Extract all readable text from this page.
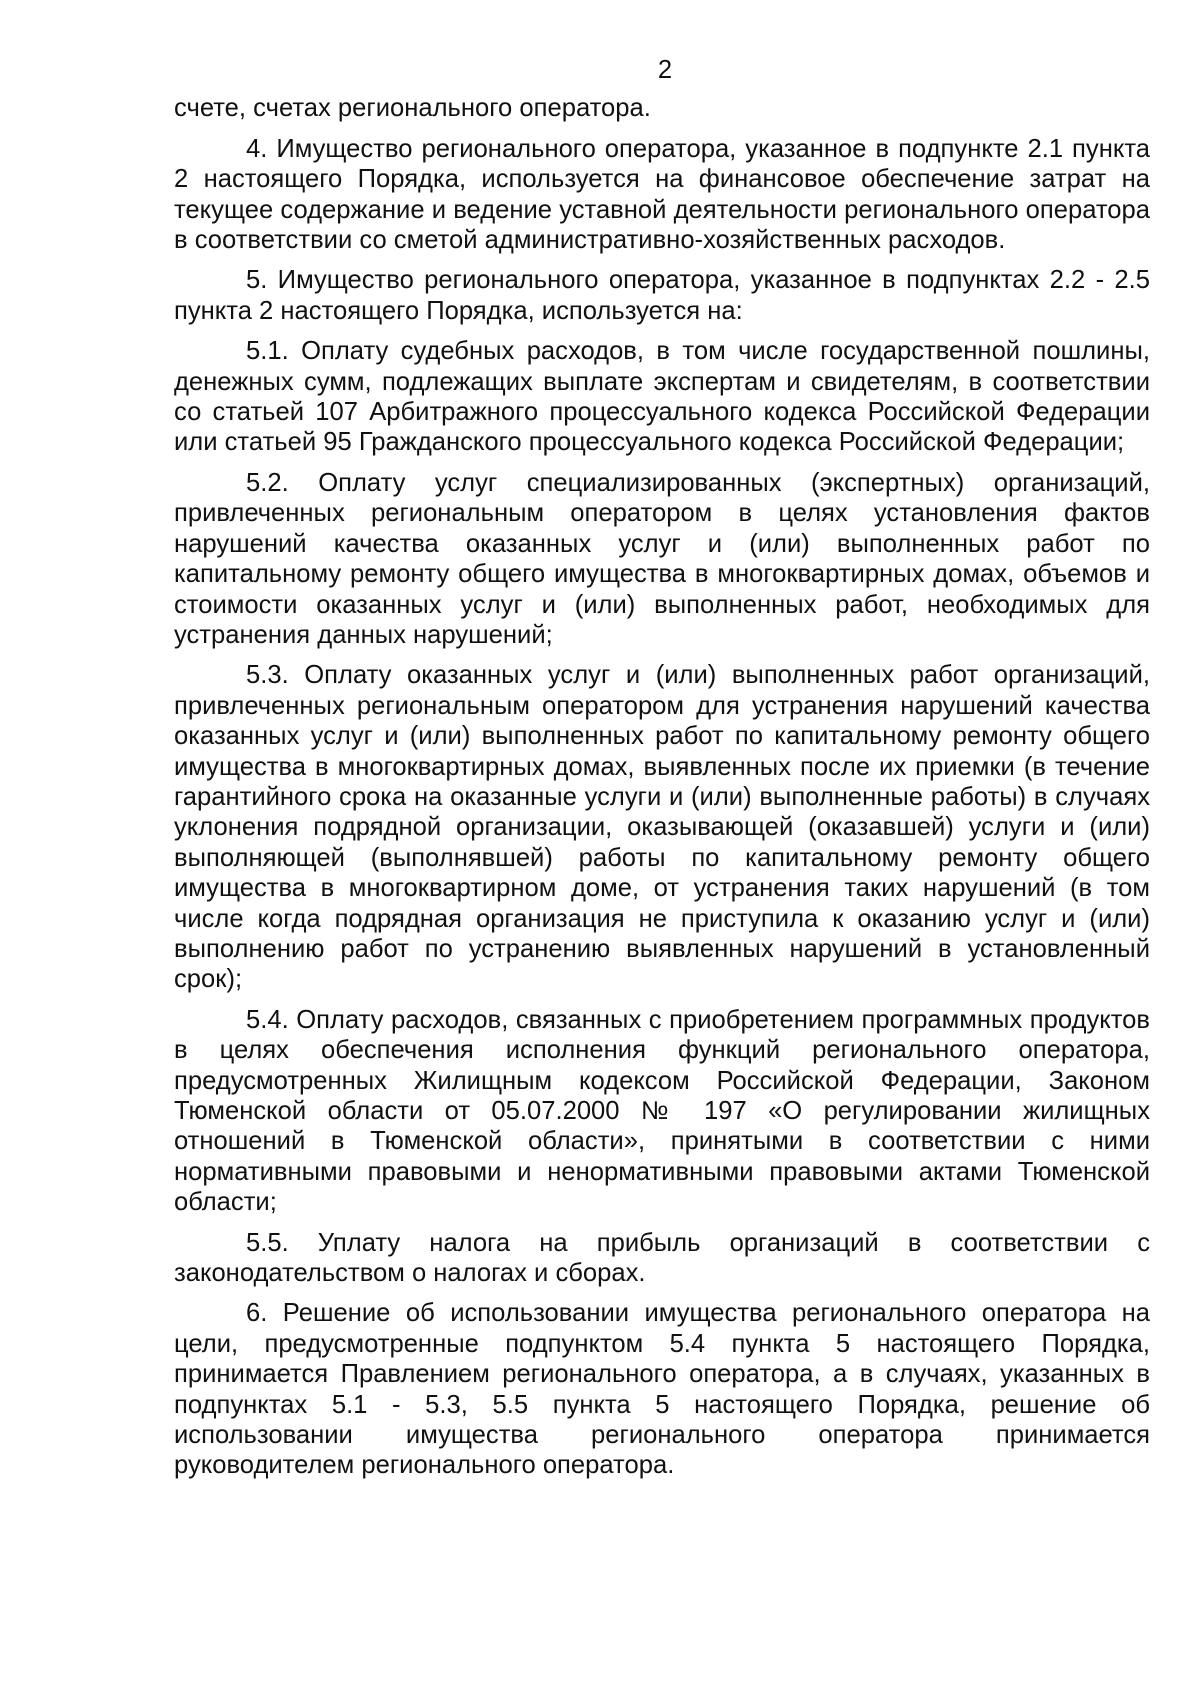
2

счете, счетах регионального оператора.

4. Имущество регионального оператора, указанное в подпункте 2.1 пункта 2 настоящего Порядка, используется на финансовое обеспечение затрат на текущее содержание и ведение уставной деятельности регионального оператора в соответствии со сметой административно-хозяйственных расходов.

5. Имущество регионального оператора, указанное в подпунктах 2.2 - 2.5 пункта 2 настоящего Порядка, используется на:

5.1. Оплату судебных расходов, в том числе государственной пошлины, денежных сумм, подлежащих выплате экспертам и свидетелям, в соответствии со статьей 107 Арбитражного процессуального кодекса Российской Федерации или статьей 95 Гражданского процессуального кодекса Российской Федерации;

5.2. Оплату услуг специализированных (экспертных) организаций, привлеченных региональным оператором в целях установления фактов нарушений качества оказанных услуг и (или) выполненных работ по капитальному ремонту общего имущества в многоквартирных домах, объемов и стоимости оказанных услуг и (или) выполненных работ, необходимых для устранения данных нарушений;

5.3. Оплату оказанных услуг и (или) выполненных работ организаций, привлеченных региональным оператором для устранения нарушений качества оказанных услуг и (или) выполненных работ по капитальному ремонту общего имущества в многоквартирных домах, выявленных после их приемки (в течение гарантийного срока на оказанные услуги и (или) выполненные работы) в случаях уклонения подрядной организации, оказывающей (оказавшей) услуги и (или) выполняющей (выполнявшей) работы по капитальному ремонту общего имущества в многоквартирном доме, от устранения таких нарушений (в том числе когда подрядная организация не приступила к оказанию услуг и (или) выполнению работ по устранению выявленных нарушений в установленный срок);

5.4. Оплату расходов, связанных с приобретением программных продуктов в целях обеспечения исполнения функций регионального оператора, предусмотренных Жилищным кодексом Российской Федерации, Законом Тюменской области от 05.07.2000 № 197 «О регулировании жилищных отношений в Тюменской области», принятыми в соответствии с ними нормативными правовыми и ненормативными правовыми актами Тюменской области;

5.5. Уплату налога на прибыль организаций в соответствии с законодательством о налогах и сборах.

6. Решение об использовании имущества регионального оператора на цели, предусмотренные подпунктом 5.4 пункта 5 настоящего Порядка, принимается Правлением регионального оператора, а в случаях, указанных в подпунктах 5.1 - 5.3, 5.5 пункта 5 настоящего Порядка, решение об использовании имущества регионального оператора принимается руководителем регионального оператора.
